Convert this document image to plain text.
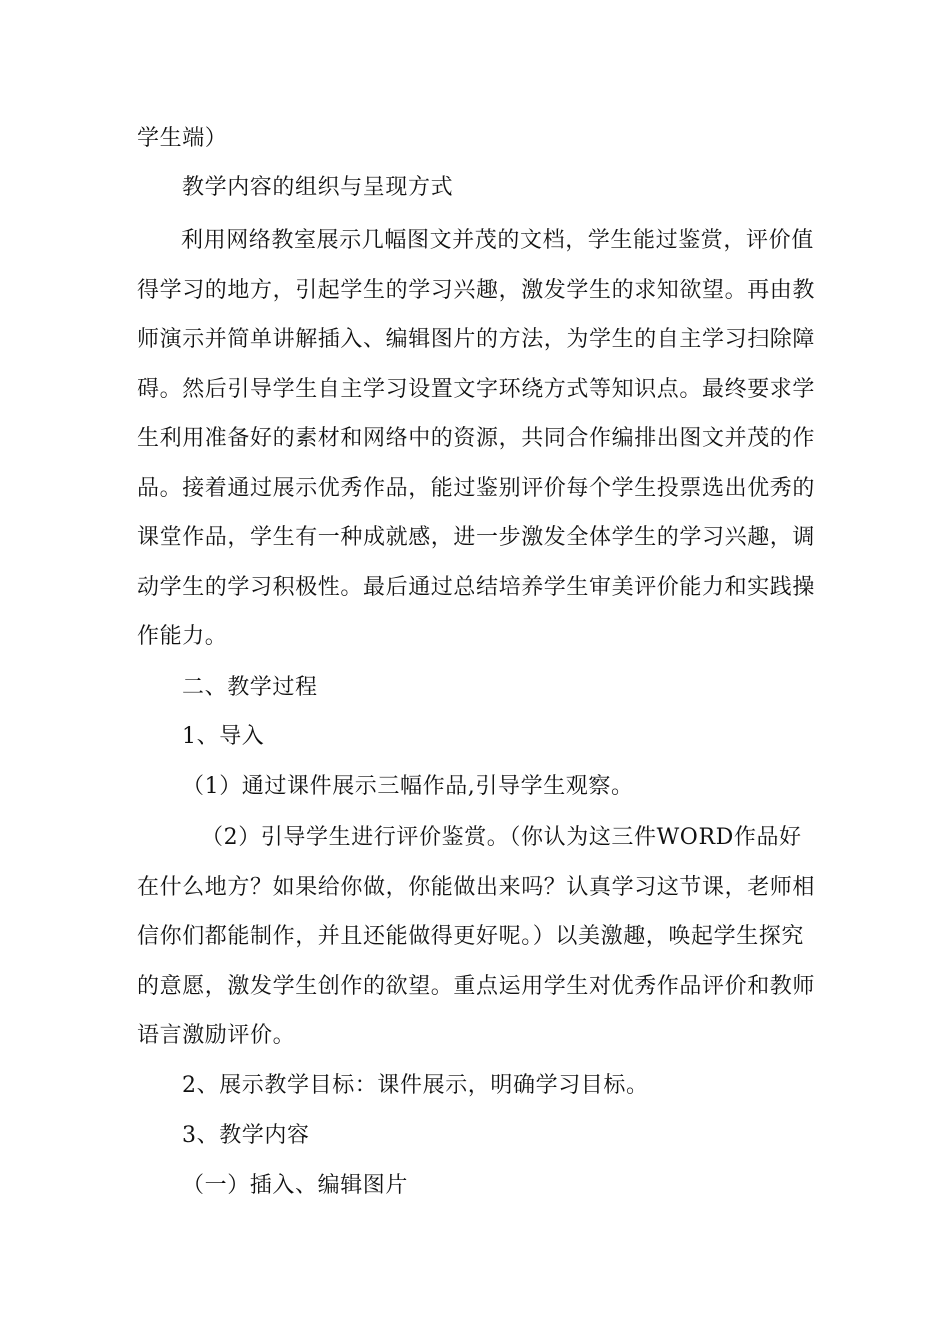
学生端）
教学内容的组织与呈现方式
利用网络教室展示几幅图文并茂的文档，学生能过鉴赏，评价值得学习的地方，引起学生的学习兴趣，激发学生的求知欲望。再由教师演示并简单讲解插入、编辑图片的方法，为学生的自主学习扫除障碍。然后引导学生自主学习设置文字环绕方式等知识点。最终要求学生利用准备好的素材和网络中的资源，共同合作编排出图文并茂的作品。接着通过展示优秀作品，能过鉴别评价每个学生投票选出优秀的课堂作品，学生有一种成就感，进一步激发全体学生的学习兴趣，调动学生的学习积极性。最后通过总结培养学生审美评价能力和实践操作能力。
二、教学过程
1、导入
（1）通过课件展示三幅作品,引导学生观察。
（2）引导学生进行评价鉴赏。（你认为这三件WORD作品好在什么地方？如果给你做，你能做出来吗？认真学习这节课，老师相信你们都能制作，并且还能做得更好呢。）以美激趣，唤起学生探究的意愿，激发学生创作的欲望。重点运用学生对优秀作品评价和教师语言激励评价。
2、展示教学目标：课件展示，明确学习目标。
3、教学内容
（一）插入、编辑图片
